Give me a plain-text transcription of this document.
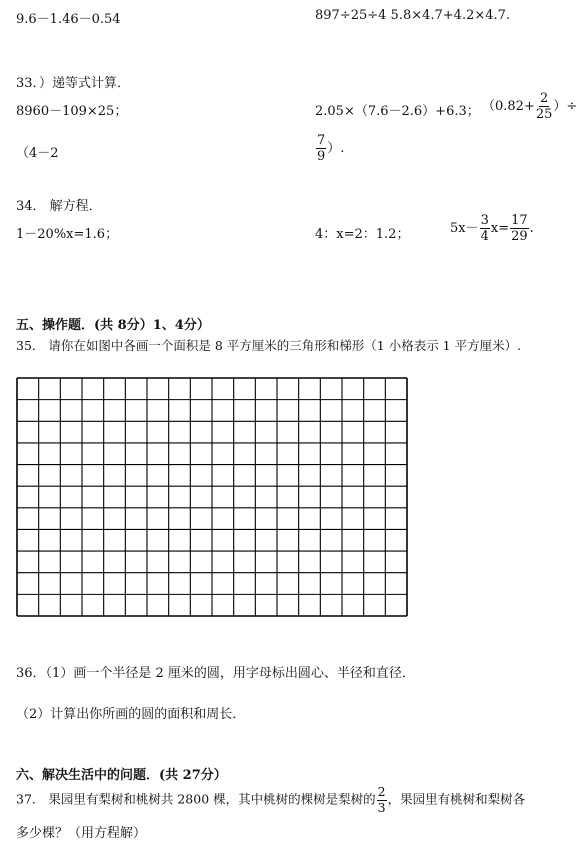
9.6－1.46－0.54	897÷25÷4 5.8×4.7+4.2×4.7.
33．）递等式计算．
8960－109×25；	2.05×（7.6－2.6）+6.3； （$0.82+ \frac{2}{25}$ ）÷
（4－2	$\frac{7}{9}$ ）.
34． 解方程．
1－20%x=1.6；	4：x=2：1.2；	$5x- \frac{3}{4} x= \frac{17}{29}$ .
五、操作题．(共 8分）1、4分）
35． 请你在如图中各画一个面积是 8 平方厘米的三角形和梯形（1 小格表示 1 平方厘米）.
36．（1）画一个半径是 2 厘米的圆，用字母标出圆心、半径和直径．
（2）计算出你所画的圆的面积和周长．
六、解决生活中的问题．(共 27分）
37． 果园里有梨树和桃树共 2800 棵，其中桃树的棵树是梨树的 $\frac{2}{3}$ ，果园里有桃树和梨树各
多少棵？（用方程解）
